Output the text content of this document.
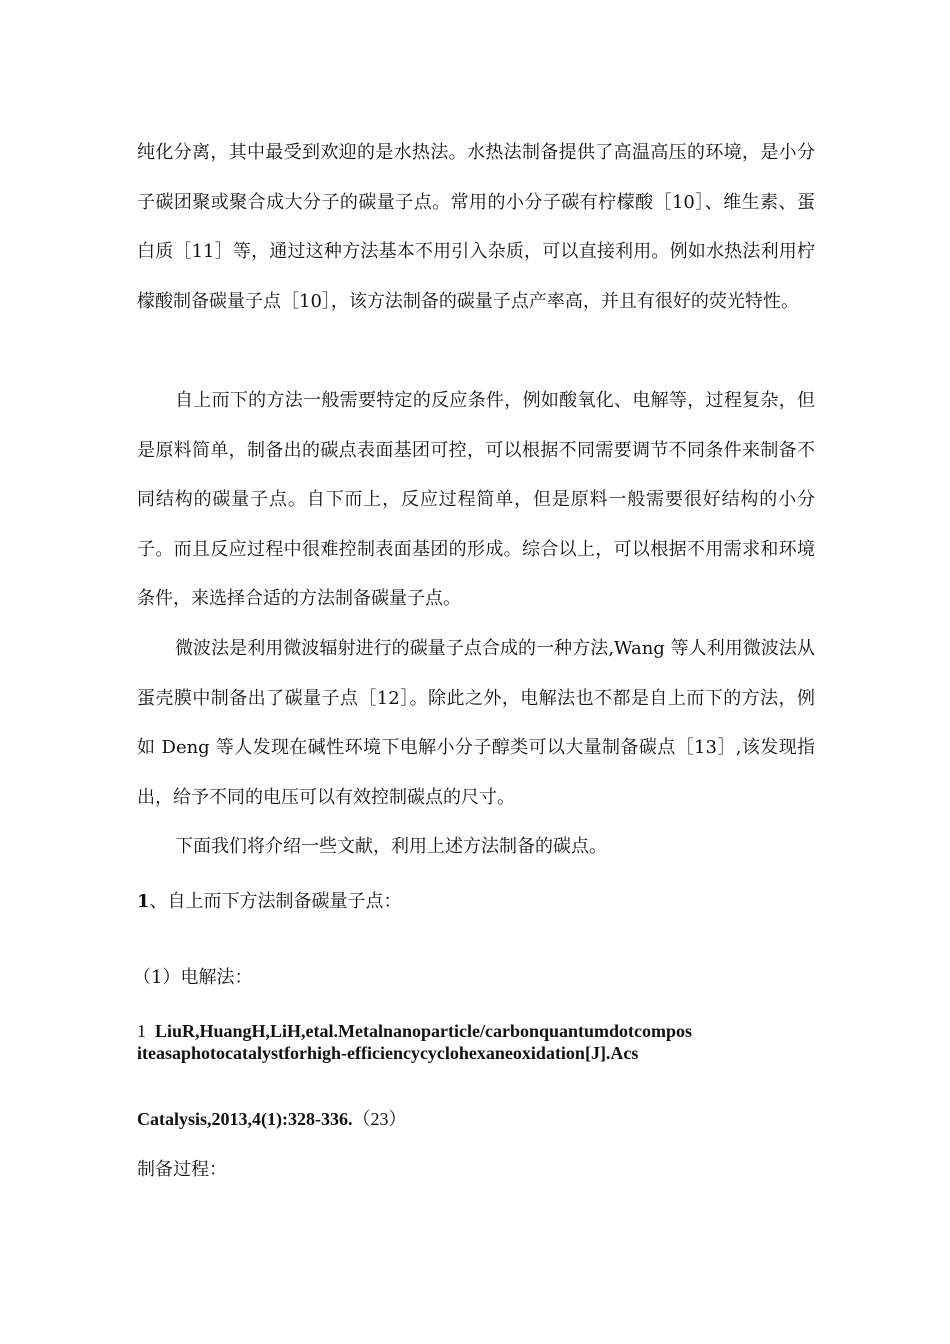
纯化分离，其中最受到欢迎的是水热法。水热法制备提供了高温高压的环境，是小分子碳团聚或聚合成大分子的碳量子点。常用的小分子碳有柠檬酸［10］、维生素、蛋白质［11］等，通过这种方法基本不用引入杂质，可以直接利用。例如水热法利用柠檬酸制备碳量子点［10］，该方法制备的碳量子点产率高，并且有很好的荧光特性。

自上而下的方法一般需要特定的反应条件，例如酸氧化、电解等，过程复杂，但是原料简单，制备出的碳点表面基团可控，可以根据不同需要调节不同条件来制备不同结构的碳量子点。自下而上，反应过程简单，但是原料一般需要很好结构的小分子。而且反应过程中很难控制表面基团的形成。综合以上，可以根据不用需求和环境条件，来选择合适的方法制备碳量子点。

微波法是利用微波辐射进行的碳量子点合成的一种方法,Wang 等人利用微波法从蛋壳膜中制备出了碳量子点［12］。除此之外，电解法也不都是自上而下的方法，例如 Deng 等人发现在碱性环境下电解小分子醇类可以大量制备碳点［13］,该发现指出，给予不同的电压可以有效控制碳点的尺寸。

下面我们将介绍一些文献，利用上述方法制备的碳点。

1、自上而下方法制备碳量子点：
（1）电解法：
1 LiuR,HuangH,LiH,etal.Metalnanoparticle/carbonquantumdotcompositeasaphotocatalystforhigh-efficiencycyclohexaneoxidation[J].Acs
Catalysis,2013,4(1):328-336.（23）
制备过程：
